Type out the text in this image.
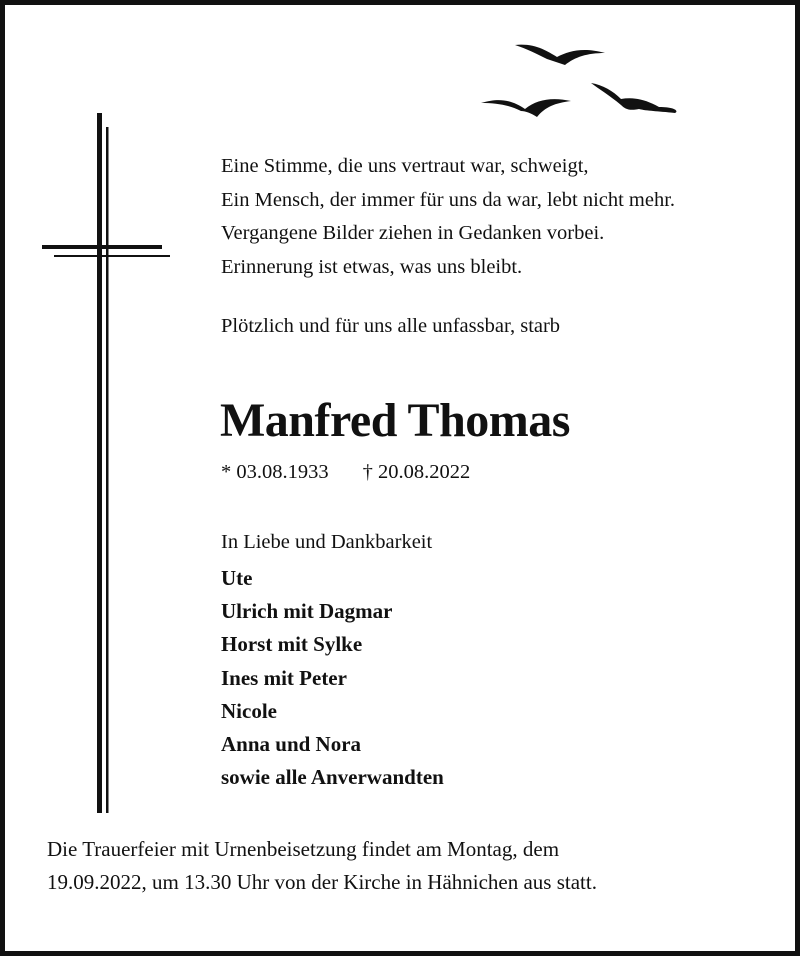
Eine Stimme, die uns vertraut war, schweigt,
Ein Mensch, der immer für uns da war, lebt nicht mehr.
Vergangene Bilder ziehen in Gedanken vorbei.
Erinnerung ist etwas, was uns bleibt.
Plötzlich und für uns alle unfassbar, starb
Manfred Thomas
* 03.08.1933 † 20.08.2022
In Liebe und Dankbarkeit
Ute
Ulrich mit Dagmar
Horst mit Sylke
Ines mit Peter
Nicole
Anna und Nora
sowie alle Anverwandten
Die Trauerfeier mit Urnenbeisetzung findet am Montag, dem
19.09.2022, um 13.30 Uhr von der Kirche in Hähnichen aus statt.
